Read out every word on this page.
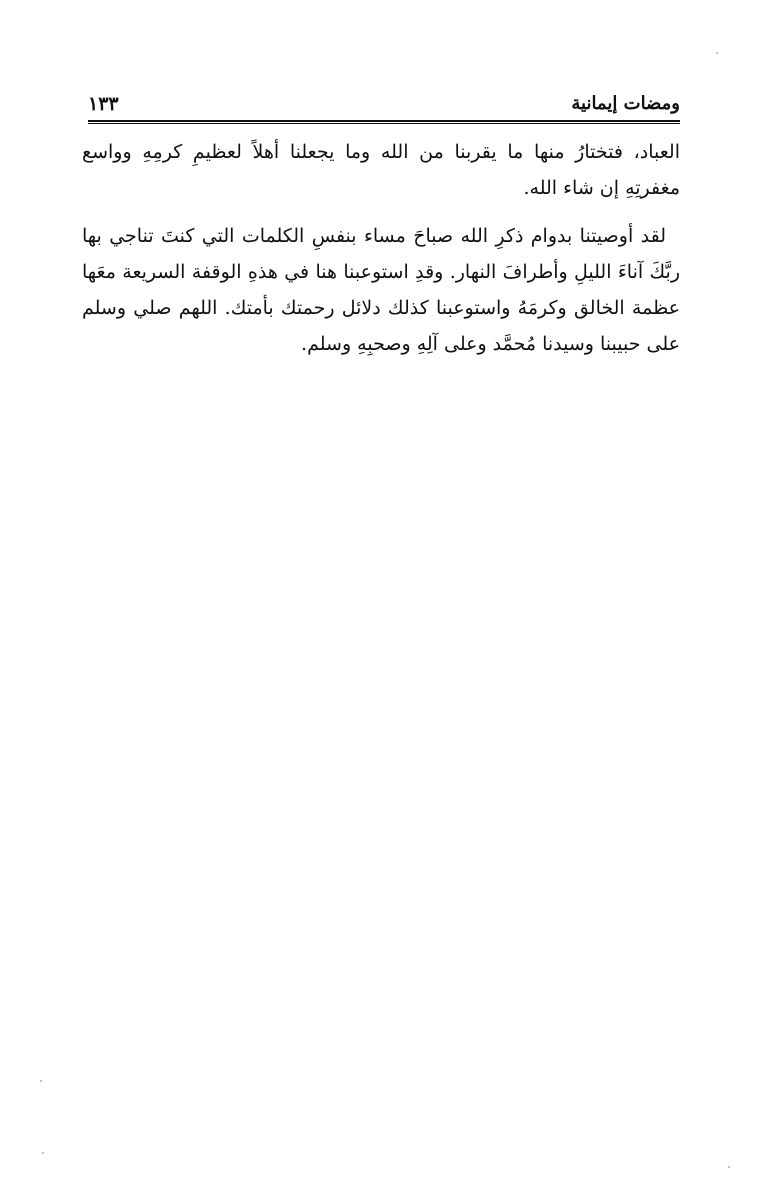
ومضات إيمانية
١٣٣

العباد، فتختارُ منها ما يقربنا من الله وما يجعلنا أهلاً لعظيمِ كرمِهِ وواسع مغفرتِهِ إن شاء الله.

لقد أوصيتنا بدوام ذكرِ الله صباحَ مساء بنفسِ الكلمات التي كنتَ تناجي بها ربَّكَ آناءَ الليلِ وأطرافَ النهار. وقدِ استوعبنا هنا في هذهِ الوقفة السريعة معَها عظمة الخالق وكرمَهُ واستوعبنا كذلك دلائل رحمتك بأمتك. اللهم صلي وسلم على حبيبنا وسيدنا مُحمَّد وعلى آلِهِ وصحبِهِ وسلم.
